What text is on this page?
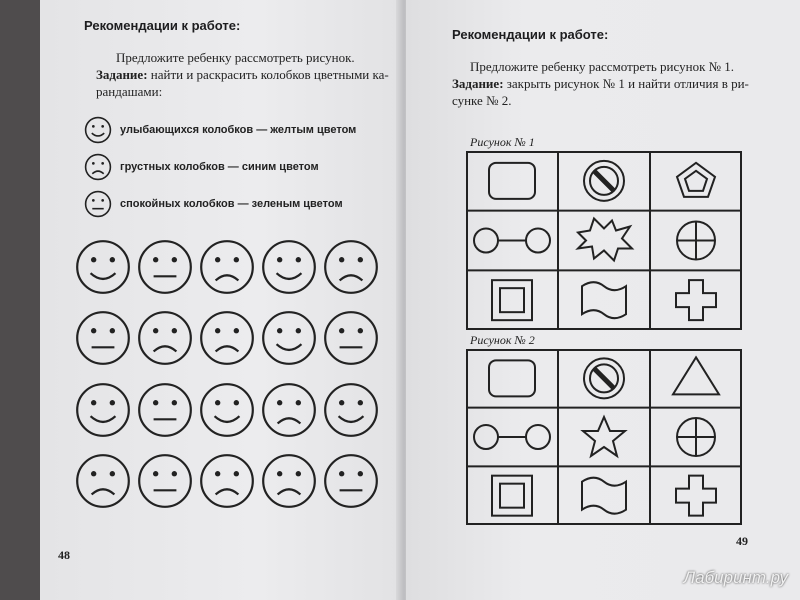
Рекомендации к работе:
Предложите ребенку рассмотреть рисунок.
Задание: найти и раскрасить колобков цветными ка-
рандашами:
улыбающихся колобков — желтым цветом
грустных колобков — синим цветом
спокойных колобков — зеленым цветом
48
Рекомендации к работе:
Предложите ребенку рассмотреть рисунок № 1.
Задание: закрыть рисунок № 1 и найти отличия в ри-
сунке № 2.
Рисунок № 1
Рисунок № 2
49
Лабиринт.ру
